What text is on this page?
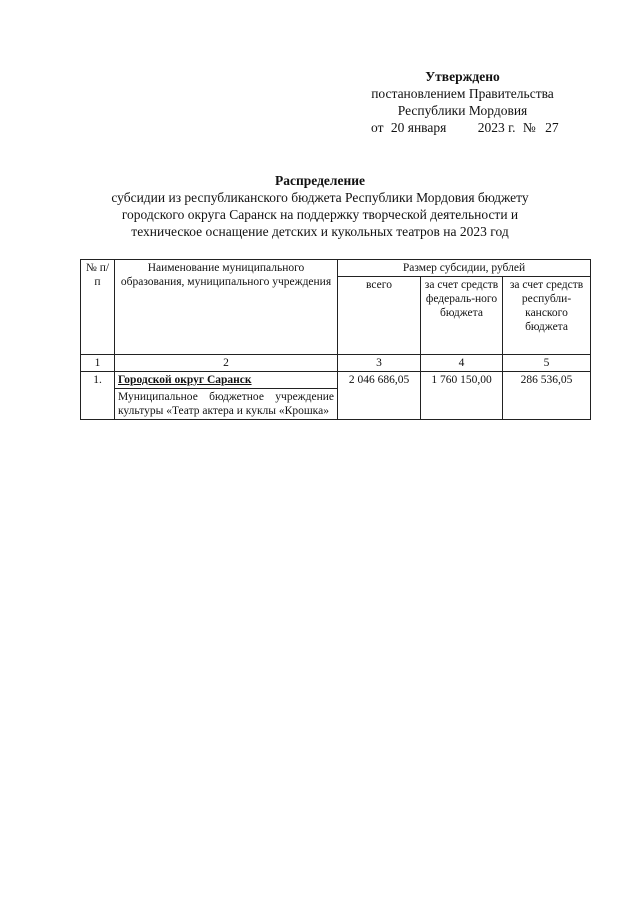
Утверждено
постановлением Правительства
Республики Мордовия
от 20 января 2023 г. № 27
Распределение
субсидии из республиканского бюджета Республики Мордовия бюджету
городского округа Саранск на поддержку творческой деятельности и
техническое оснащение детских и кукольных театров на 2023 год
№ п/п	Наименование муниципального образования, муниципального учреждения	Размер субсидии, рублей		
		всего	за счет средств федераль-ного бюджета	за счет средств республи-канского бюджета
1	2	3	4	5
1.	Городской округ Саранск	2 046 686,05	1 760 150,00	286 536,05
	Муниципальное бюджетное учреждение культуры «Театр актера и куклы «Крошка»			
